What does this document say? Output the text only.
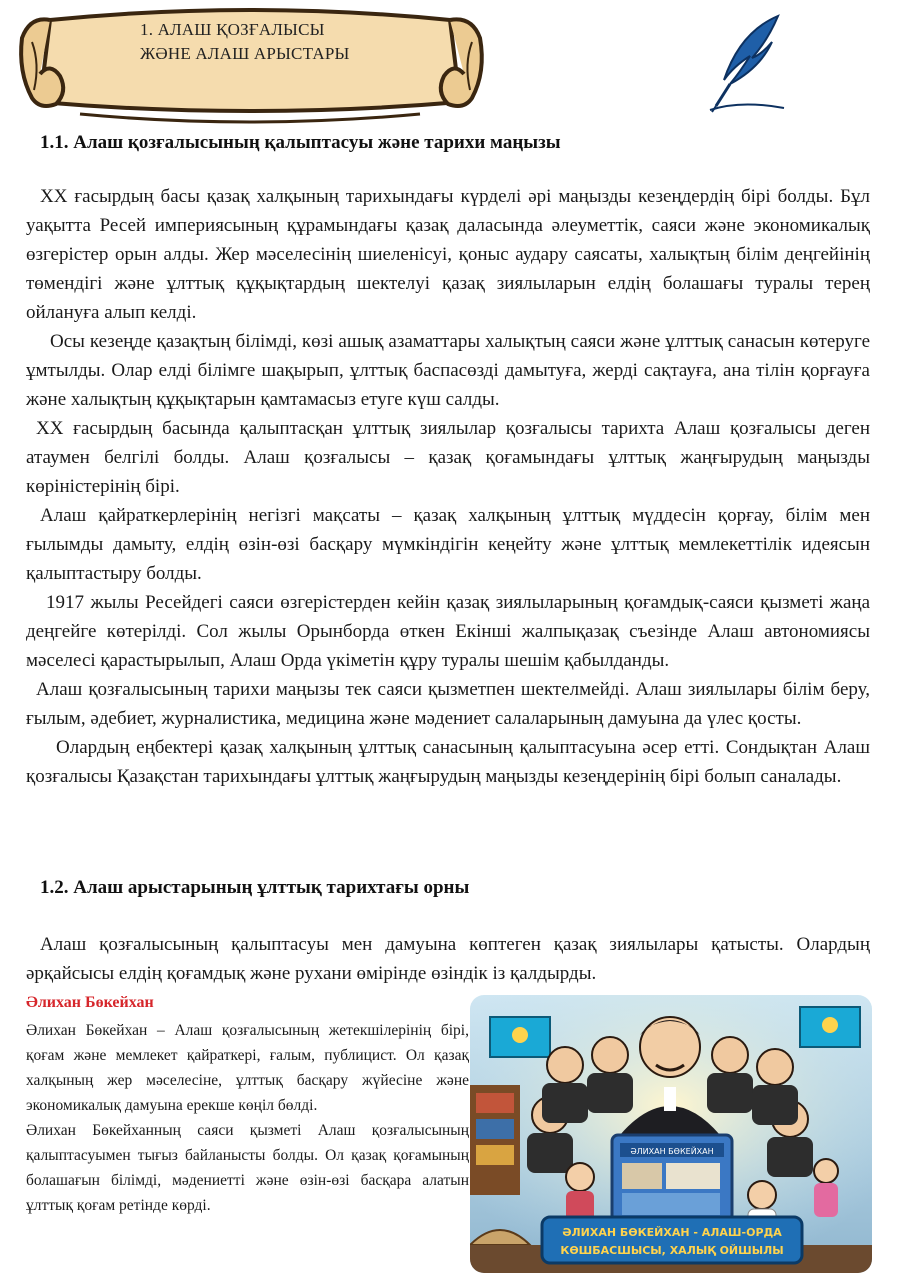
1. АЛАШ ҚОЗҒАЛЫСЫ
ЖӘНЕ АЛАШ АРЫСТАРЫ
1.1. Алаш қозғалысының қалыптасуы және тарихи маңызы

XX ғасырдың басы қазақ халқының тарихындағы күрделі әрі маңызды кезеңдердің бірі болды. Бұл уақытта Ресей империясының құрамындағы қазақ даласында әлеуметтік, саяси және экономикалық өзгерістер орын алды. Жер мәселесінің шиеленісуі, қоныс аудару саясаты, халықтың білім деңгейінің төмендігі және ұлттық құқықтардың шектелуі қазақ зиялыларын елдің болашағы туралы терең ойлануға алып келді.

Осы кезеңде қазақтың білімді, көзі ашық азаматтары халықтың саяси және ұлттық санасын көтеруге ұмтылды. Олар елді білімге шақырып, ұлттық баспасөзді дамытуға, жерді сақтауға, ана тілін қорғауға және халықтың құқықтарын қамтамасыз етуге күш салды.

XX ғасырдың басында қалыптасқан ұлттық зиялылар қозғалысы тарихта Алаш қозғалысы деген атаумен белгілі болды. Алаш қозғалысы – қазақ қоғамындағы ұлттық жаңғырудың маңызды көріністерінің бірі.

Алаш қайраткерлерінің негізгі мақсаты – қазақ халқының ұлттық мүддесін қорғау, білім мен ғылымды дамыту, елдің өзін-өзі басқару мүмкіндігін кеңейту және ұлттық мемлекеттілік идеясын қалыптастыру болды.

1917 жылы Ресейдегі саяси өзгерістерден кейін қазақ зиялыларының қоғамдық-саяси қызметі жаңа деңгейге көтерілді. Сол жылы Орынборда өткен Екінші жалпықазақ съезінде Алаш автономиясы мәселесі қарастырылып, Алаш Орда үкіметін құру туралы шешім қабылданды.

Алаш қозғалысының тарихи маңызы тек саяси қызметпен шектелмейді. Алаш зиялылары білім беру, ғылым, әдебиет, журналистика, медицина және мәдениет салаларының дамуына да үлес қосты.

Олардың еңбектері қазақ халқының ұлттық санасының қалыптасуына әсер етті. Сондықтан Алаш қозғалысы Қазақстан тарихындағы ұлттық жаңғырудың маңызды кезеңдерінің бірі болып саналады.

1.2. Алаш арыстарының ұлттық тарихтағы орны

Алаш қозғалысының қалыптасуы мен дамуына көптеген қазақ зиялылары қатысты. Олардың әрқайсысы елдің қоғамдық және рухани өмірінде өзіндік із қалдырды.

Әлихан Бөкейхан

Әлихан Бөкейхан – Алаш қозғалысының жетекшілерінің бірі, қоғам және мемлекет қайраткері, ғалым, публицист. Ол қазақ халқының жер мәселесіне, ұлттық басқару жүйесіне және экономикалық дамуына ерекше көңіл бөлді.

Әлихан Бөкейханның саяси қызметі Алаш қозғалысының қалыптасуымен тығыз байланысты болды. Ол қазақ қоғамының болашағын білімді, мәдениетті және өзін-өзі басқара алатын ұлттық қоғам ретінде көрді.

ӘЛИХАН БӨКЕЙХАН
ӘЛИХАН БӨКЕЙХАН - АЛАШ-ОРДА
КӨШБАСШЫСЫ, ХАЛЫҚ ОЙШЫЛЫ
